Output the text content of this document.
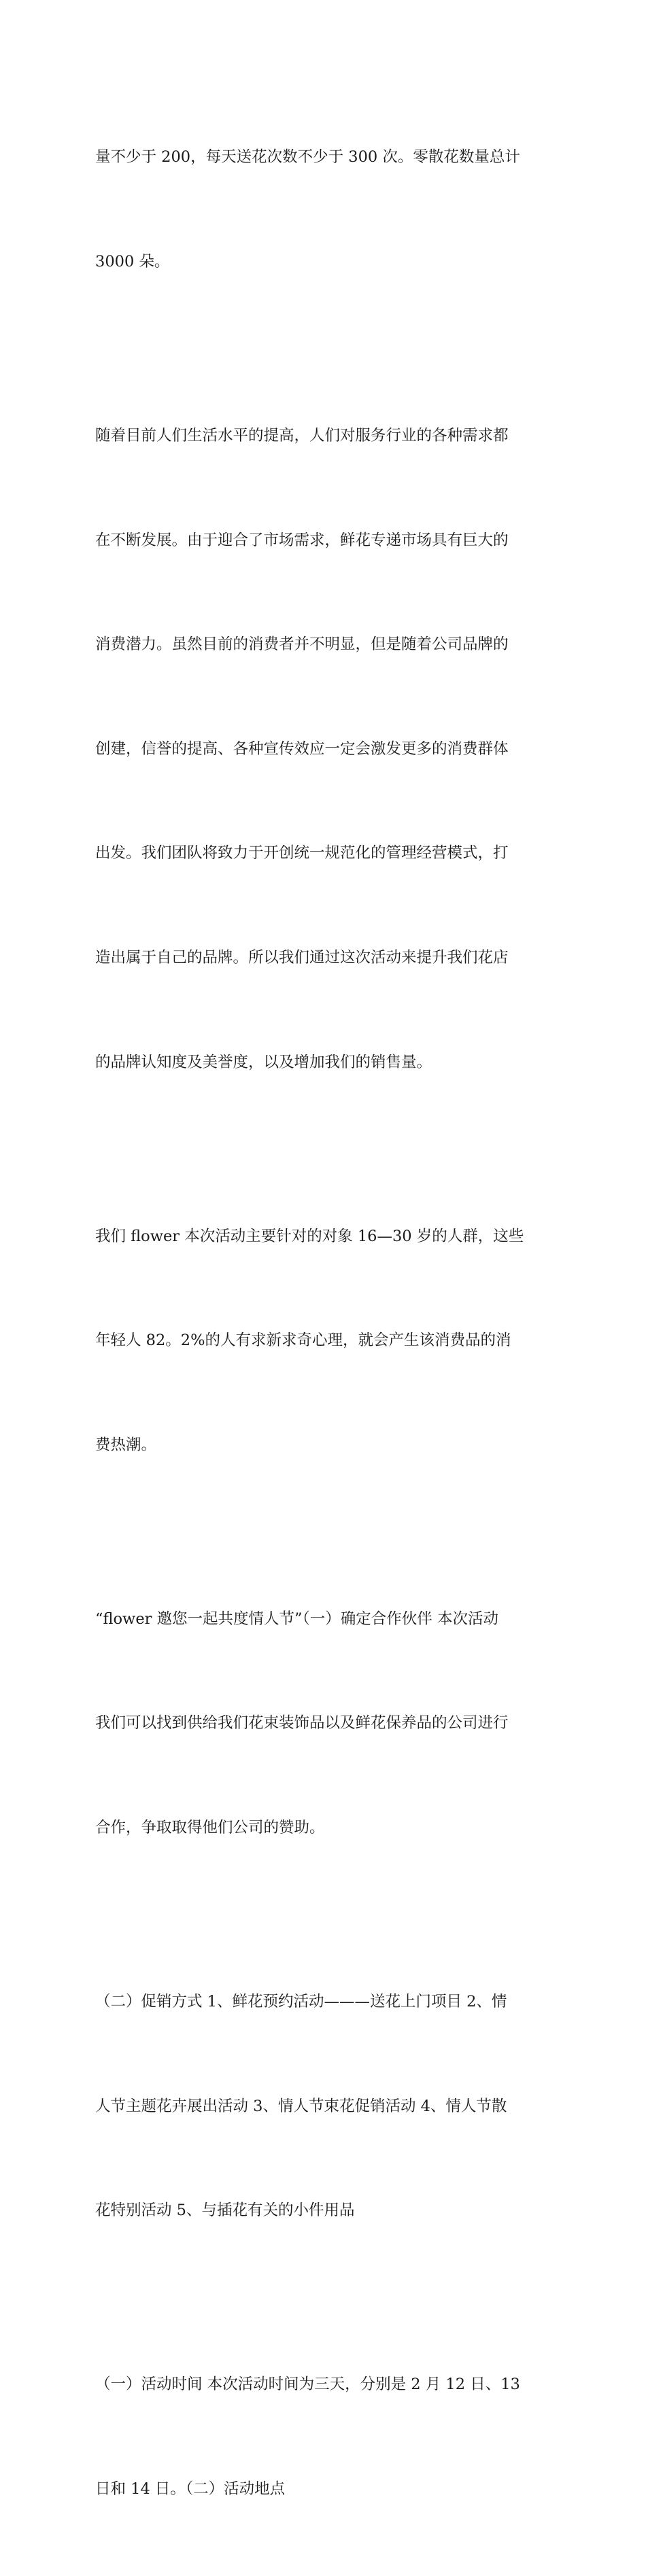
量不少于 200，每天送花次数不少于 300 次。零散花数量总计

3000 朵。

随着目前人们生活水平的提高，人们对服务行业的各种需求都

在不断发展。由于迎合了市场需求，鲜花专递市场具有巨大的

消费潜力。虽然目前的消费者并不明显，但是随着公司品牌的

创建，信誉的提高、各种宣传效应一定会激发更多的消费群体

出发。我们团队将致力于开创统一规范化的管理经营模式，打

造出属于自己的品牌。所以我们通过这次活动来提升我们花店

的品牌认知度及美誉度，以及增加我们的销售量。

我们 flower 本次活动主要针对的对象 16—30 岁的人群，这些

年轻人 82。2%的人有求新求奇心理，就会产生该消费品的消

费热潮。

“flower 邀您一起共度情人节”（一）确定合作伙伴 本次活动

我们可以找到供给我们花束装饰品以及鲜花保养品的公司进行

合作，争取取得他们公司的赞助。

（二）促销方式 1、鲜花预约活动———送花上门项目 2、情

人节主题花卉展出活动 3、情人节束花促销活动 4、情人节散

花特别活动 5、与插花有关的小件用品

（一）活动时间 本次活动时间为三天，分别是 2 月 12 日、13

日和 14 日。（二）活动地点
